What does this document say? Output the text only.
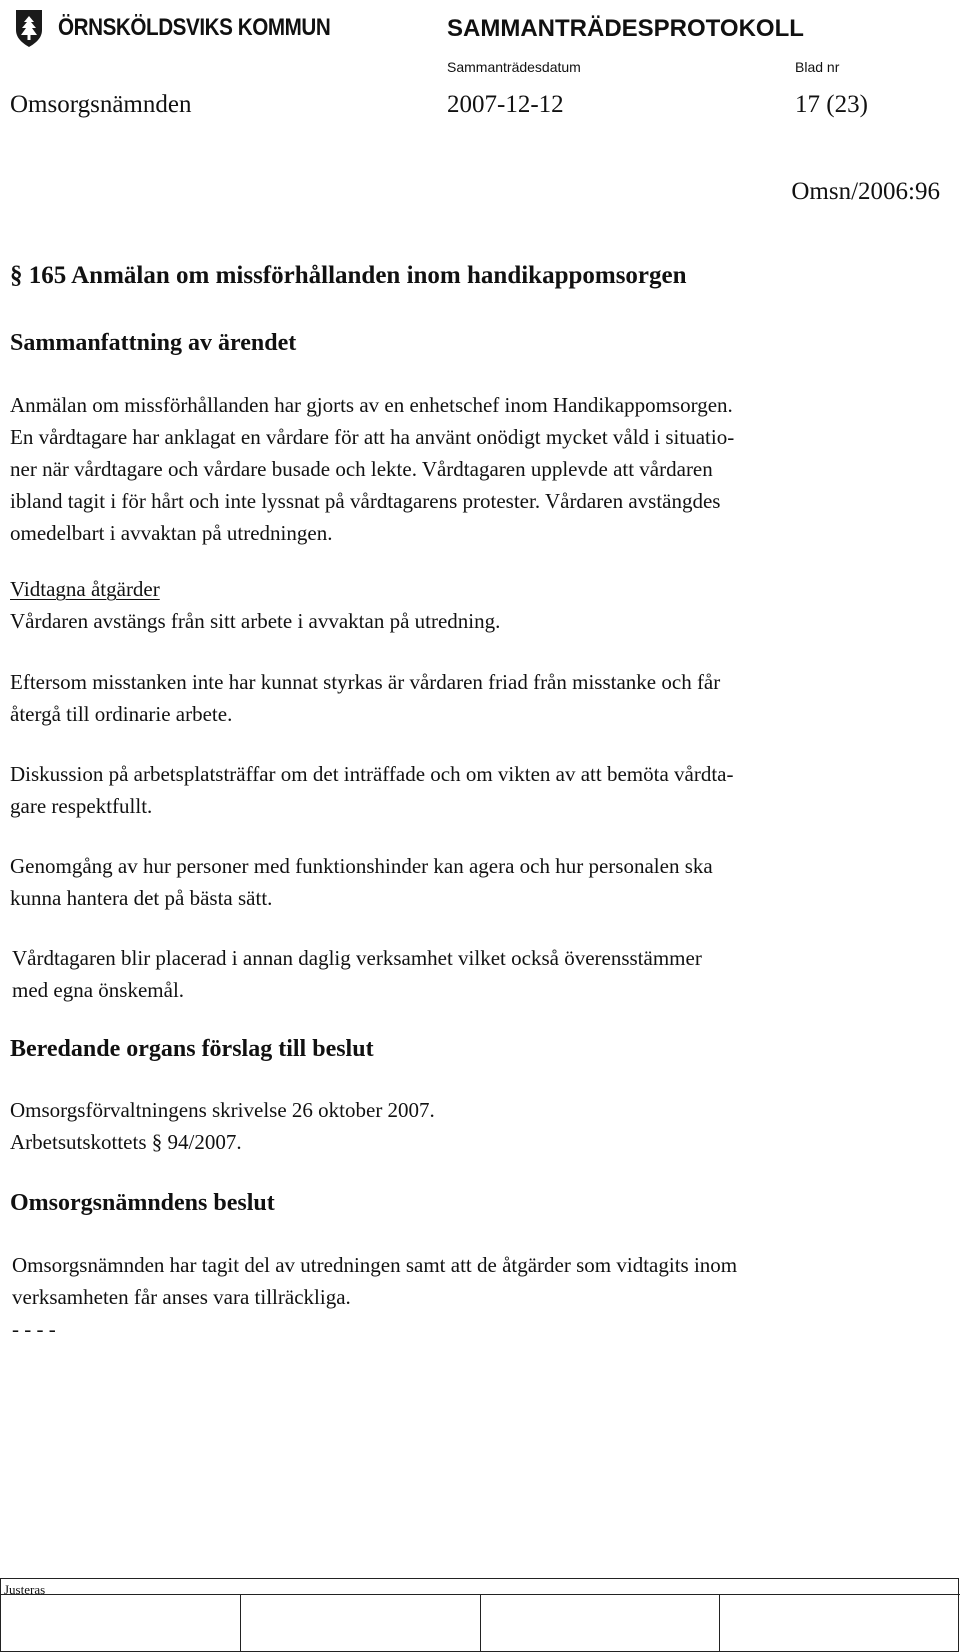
ÖRNSKÖLDSVIKS KOMMUN	SAMMANTRÄDESPROTOKOLL
Sammanträdesdatum	Blad nr
Omsorgsnämnden	2007-12-12	17 (23)
Omsn/2006:96
§ 165 Anmälan om missförhållanden inom handikappomsorgen
Sammanfattning av ärendet
Anmälan om missförhållanden har gjorts av en enhetschef inom Handikappomsorgen.
En vårdtagare har anklagat en vårdare för att ha använt onödigt mycket våld i situatio-
ner när vårdtagare och vårdare busade och lekte. Vårdtagaren upplevde att vårdaren
ibland tagit i för hårt och inte lyssnat på vårdtagarens protester. Vårdaren avstängdes
omedelbart i avvaktan på utredningen.
Vidtagna åtgärder
Vårdaren avstängs från sitt arbete i avvaktan på utredning.
Eftersom misstanken inte har kunnat styrkas är vårdaren friad från misstanke och får
återgå till ordinarie arbete.
Diskussion på arbetsplatsträffar om det inträffade och om vikten av att bemöta vårdta-
gare respektfullt.
Genomgång av hur personer med funktionshinder kan agera och hur personalen ska
kunna hantera det på bästa sätt.
Vårdtagaren blir placerad i annan daglig verksamhet vilket också överensstämmer
med egna önskemål.
Beredande organs förslag till beslut
Omsorgsförvaltningens skrivelse 26 oktober 2007.
Arbetsutskottets § 94/2007.
Omsorgsnämndens beslut
Omsorgsnämnden har tagit del av utredningen samt att de åtgärder som vidtagits inom
verksamheten får anses vara tillräckliga.
- - - -
Justeras
